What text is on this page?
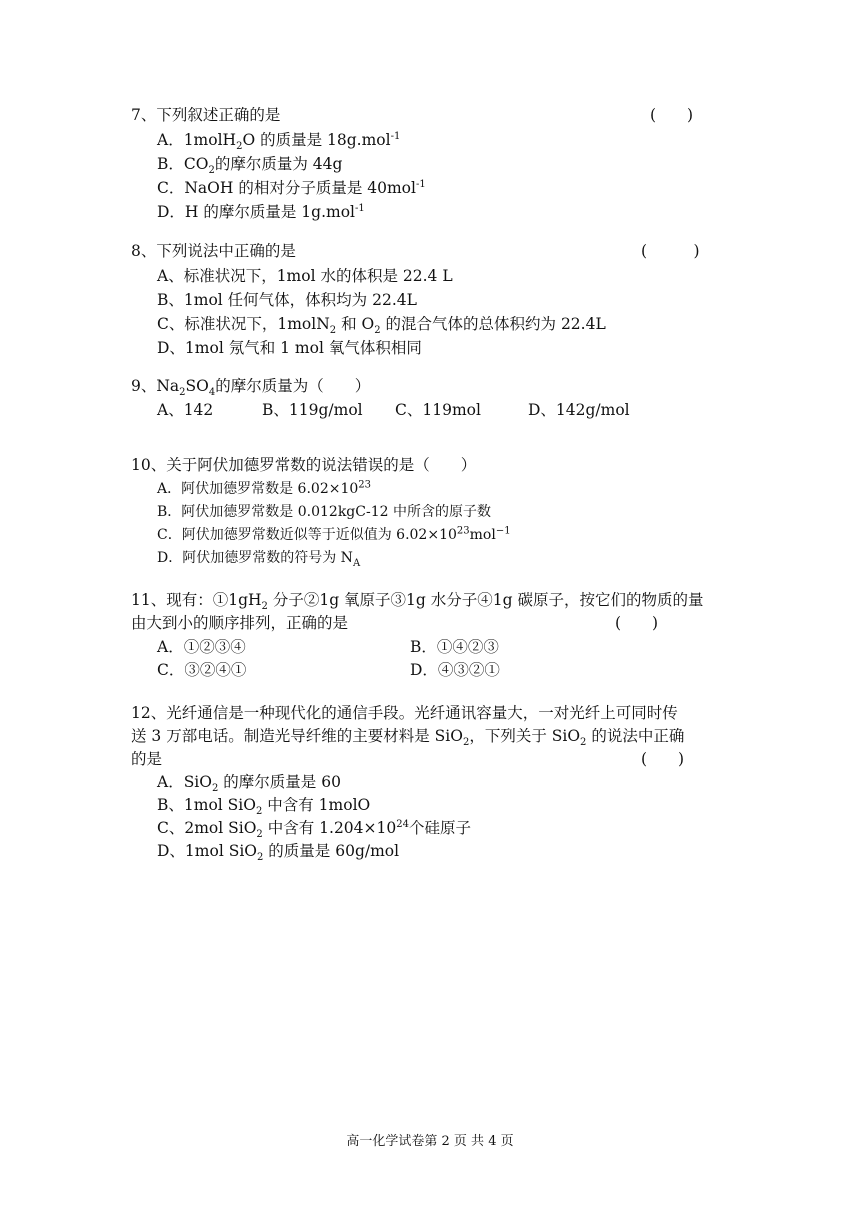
7、下列叙述正确的是	(　　)
A．1molH$_2$O 的质量是 18g.mol$^{-1}$
B．$CO_2$的摩尔质量为 44g
C．NaOH 的相对分子质量是 40mol$^{-1}$
D．H 的摩尔质量是 1g.mol$^{-1}$
8、下列说法中正确的是	(　　　)
A、标准状况下，1mol 水的体积是 22.4 L
B、1mol 任何气体，体积均为 22.4L
C、标准状况下，1molN$_2$ 和 $O_2$ 的混合气体的总体积约为 22.4L
D、1mol 氖气和 1 mol 氧气体积相同
9、$Na_2SO_4$的摩尔质量为（　　）
A、142	B、119g/mol C、119mol	D、142g/mol
10、关于阿伏加德罗常数的说法错误的是（　　）
A．阿伏加德罗常数是 $6.02\times 10^{23}$
B．阿伏加德罗常数是 0.012kgC-12 中所含的原子数
C．阿伏加德罗常数近似等于近似值为 $6.02\times 10^{23}mol^{-1}$
D．阿伏加德罗常数的符号为 $N_A$
11、现有：$①1gH_2$ 分子②1g 氧原子③1g 水分子④1g 碳原子，按它们的物质的量
由大到小的顺序排列，正确的是	(　　)
A．①②③④	B．①④②③
C．③②④①	D．④③②①
12、光纤通信是一种现代化的通信手段。光纤通讯容量大，一对光纤上可同时传
送 3 万部电话。制造光导纤维的主要材料是 SiO$_2$，下列关于 SiO$_2$ 的说法中正确
的是	(　　)
A．SiO$_2$ 的摩尔质量是 60
B、1mol SiO$_2$ 中含有 1molO
C、2mol SiO$_2$ 中含有 $1.204\times 10^{24}$个硅原子
D、1mol SiO$_2$ 的质量是 60g/mol
高一化学试卷第 2 页 共 4 页
